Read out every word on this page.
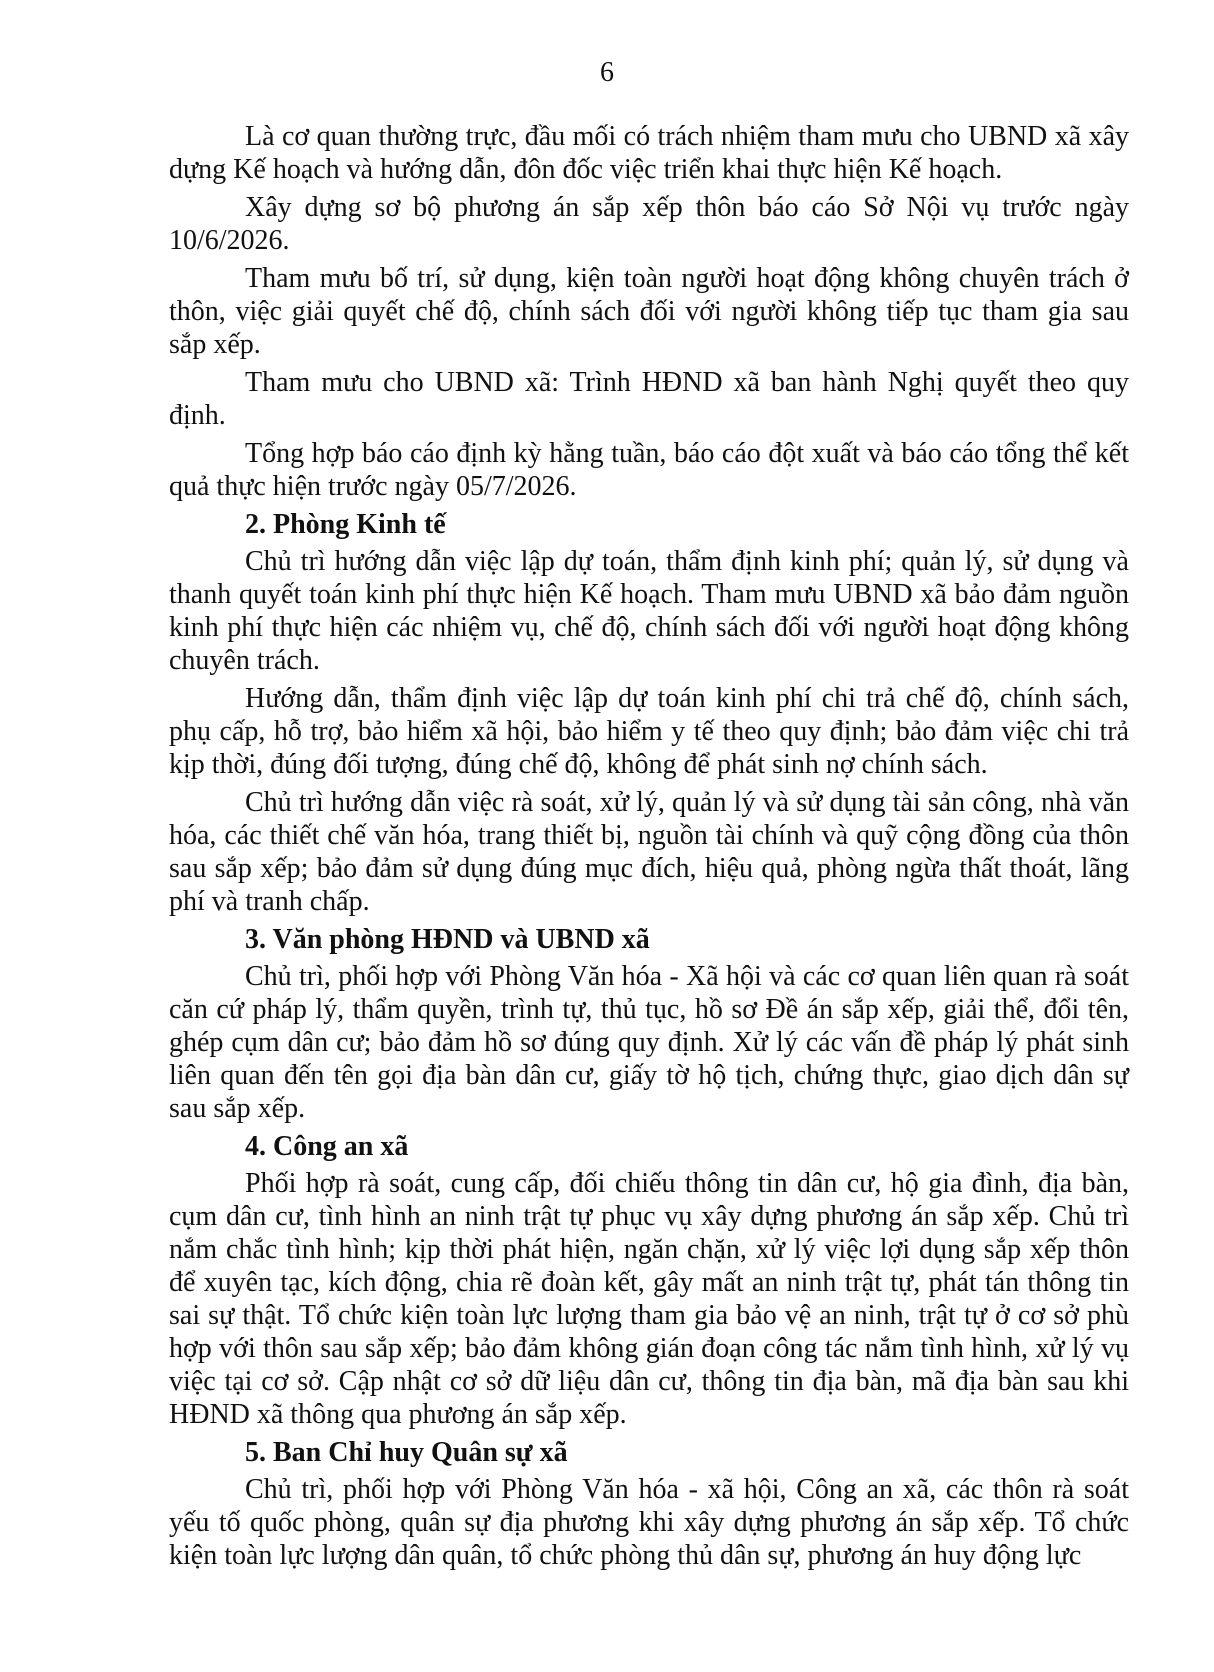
6

Là cơ quan thường trực, đầu mối có trách nhiệm tham mưu cho UBND xã xây dựng Kế hoạch và hướng dẫn, đôn đốc việc triển khai thực hiện Kế hoạch.

Xây dựng sơ bộ phương án sắp xếp thôn báo cáo Sở Nội vụ trước ngày 10/6/2026.

Tham mưu bố trí, sử dụng, kiện toàn người hoạt động không chuyên trách ở thôn, việc giải quyết chế độ, chính sách đối với người không tiếp tục tham gia sau sắp xếp.

Tham mưu cho UBND xã: Trình HĐND xã ban hành Nghị quyết theo quy định.

Tổng hợp báo cáo định kỳ hằng tuần, báo cáo đột xuất và báo cáo tổng thể kết quả thực hiện trước ngày 05/7/2026.

2. Phòng Kinh tế

Chủ trì hướng dẫn việc lập dự toán, thẩm định kinh phí; quản lý, sử dụng và thanh quyết toán kinh phí thực hiện Kế hoạch. Tham mưu UBND xã bảo đảm nguồn kinh phí thực hiện các nhiệm vụ, chế độ, chính sách đối với người hoạt động không chuyên trách.

Hướng dẫn, thẩm định việc lập dự toán kinh phí chi trả chế độ, chính sách, phụ cấp, hỗ trợ, bảo hiểm xã hội, bảo hiểm y tế theo quy định; bảo đảm việc chi trả kịp thời, đúng đối tượng, đúng chế độ, không để phát sinh nợ chính sách.

Chủ trì hướng dẫn việc rà soát, xử lý, quản lý và sử dụng tài sản công, nhà văn hóa, các thiết chế văn hóa, trang thiết bị, nguồn tài chính và quỹ cộng đồng của thôn sau sắp xếp; bảo đảm sử dụng đúng mục đích, hiệu quả, phòng ngừa thất thoát, lãng phí và tranh chấp.

3. Văn phòng HĐND và UBND xã

Chủ trì, phối hợp với Phòng Văn hóa - Xã hội và các cơ quan liên quan rà soát căn cứ pháp lý, thẩm quyền, trình tự, thủ tục, hồ sơ Đề án sắp xếp, giải thể, đổi tên, ghép cụm dân cư; bảo đảm hồ sơ đúng quy định. Xử lý các vấn đề pháp lý phát sinh liên quan đến tên gọi địa bàn dân cư, giấy tờ hộ tịch, chứng thực, giao dịch dân sự sau sắp xếp.

4. Công an xã

Phối hợp rà soát, cung cấp, đối chiếu thông tin dân cư, hộ gia đình, địa bàn, cụm dân cư, tình hình an ninh trật tự phục vụ xây dựng phương án sắp xếp. Chủ trì nắm chắc tình hình; kịp thời phát hiện, ngăn chặn, xử lý việc lợi dụng sắp xếp thôn để xuyên tạc, kích động, chia rẽ đoàn kết, gây mất an ninh trật tự, phát tán thông tin sai sự thật. Tổ chức kiện toàn lực lượng tham gia bảo vệ an ninh, trật tự ở cơ sở phù hợp với thôn sau sắp xếp; bảo đảm không gián đoạn công tác nắm tình hình, xử lý vụ việc tại cơ sở. Cập nhật cơ sở dữ liệu dân cư, thông tin địa bàn, mã địa bàn sau khi HĐND xã thông qua phương án sắp xếp.

5. Ban Chỉ huy Quân sự xã

Chủ trì, phối hợp với Phòng Văn hóa - xã hội, Công an xã, các thôn rà soát yếu tố quốc phòng, quân sự địa phương khi xây dựng phương án sắp xếp. Tổ chức kiện toàn lực lượng dân quân, tổ chức phòng thủ dân sự, phương án huy động lực
